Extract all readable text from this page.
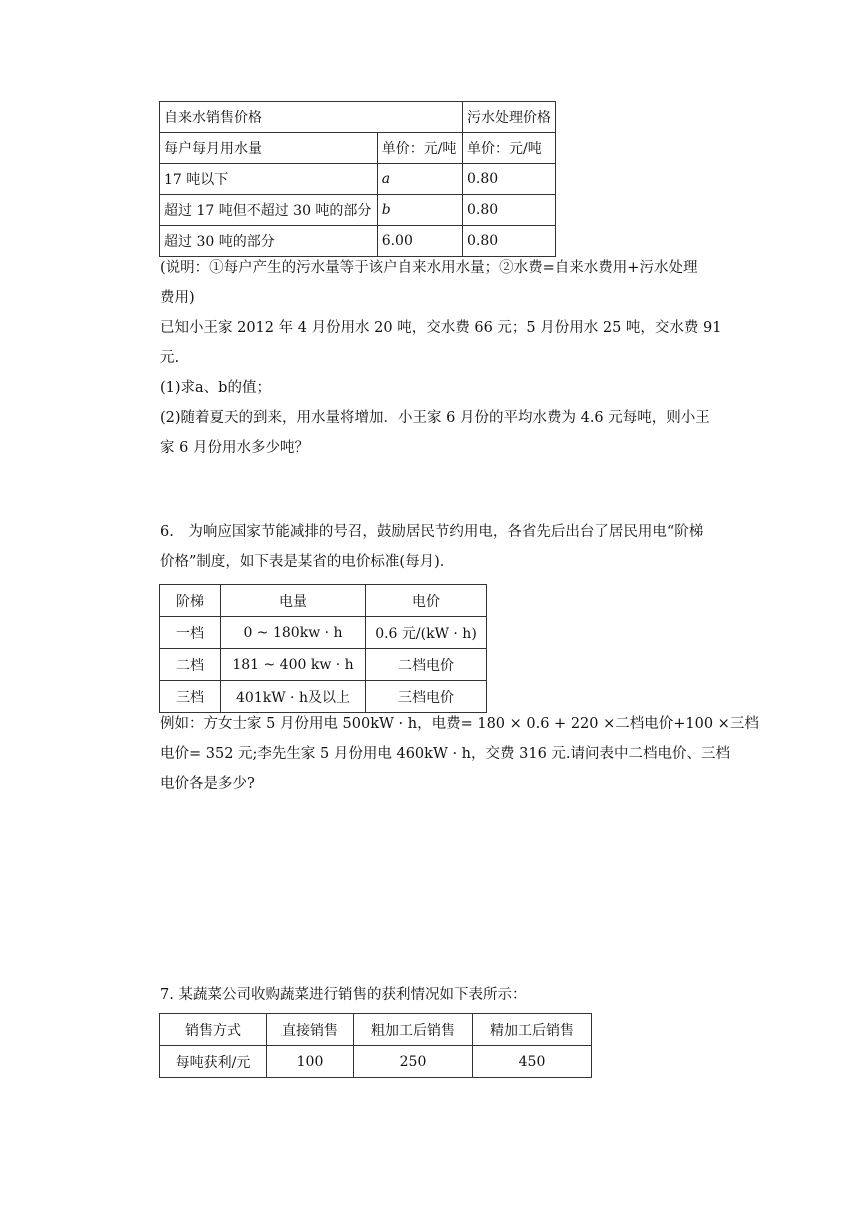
自来水销售价格		污水处理价格
每户每月用水量	单价：元/吨	单价：元/吨
17 吨以下	a	0.80
超过 17 吨但不超过 30 吨的部分	b	0.80
超过 30 吨的部分	6.00	0.80
(说明：①每户产生的污水量等于该户自来水用水量；②水费=自来水费用+污水处理
费用)
已知小王家 2012 年 4 月份用水 20 吨，交水费 66 元；5 月份用水 25 吨，交水费 91
元.
(1)求a、b的值；
(2)随着夏天的到来，用水量将增加．小王家 6 月份的平均水费为 4.6 元每吨，则小王
家 6 月份用水多少吨？
6.　为响应国家节能减排的号召，鼓励居民节约用电，各省先后出台了居民用电“阶梯
价格”制度，如下表是某省的电价标准(每月)．
阶梯	电量	电价
一档	0 ~ 180kw · h	0.6 元/(kW · h)
二档	181 ~ 400 kw · h	二档电价
三档	401kW · h及以上	三档电价
例如：方女士家 5 月份用电 500kW · h，电费= 180 × 0.6 + 220 ×二档电价+100 ×三档
电价= 352 元;李先生家 5 月份用电 460kW · h，交费 316 元.请问表中二档电价、三档
电价各是多少?
7. 某蔬菜公司收购蔬菜进行销售的获利情况如下表所示：
销售方式	直接销售	粗加工后销售	精加工后销售
每吨获利/元	100	250	450
